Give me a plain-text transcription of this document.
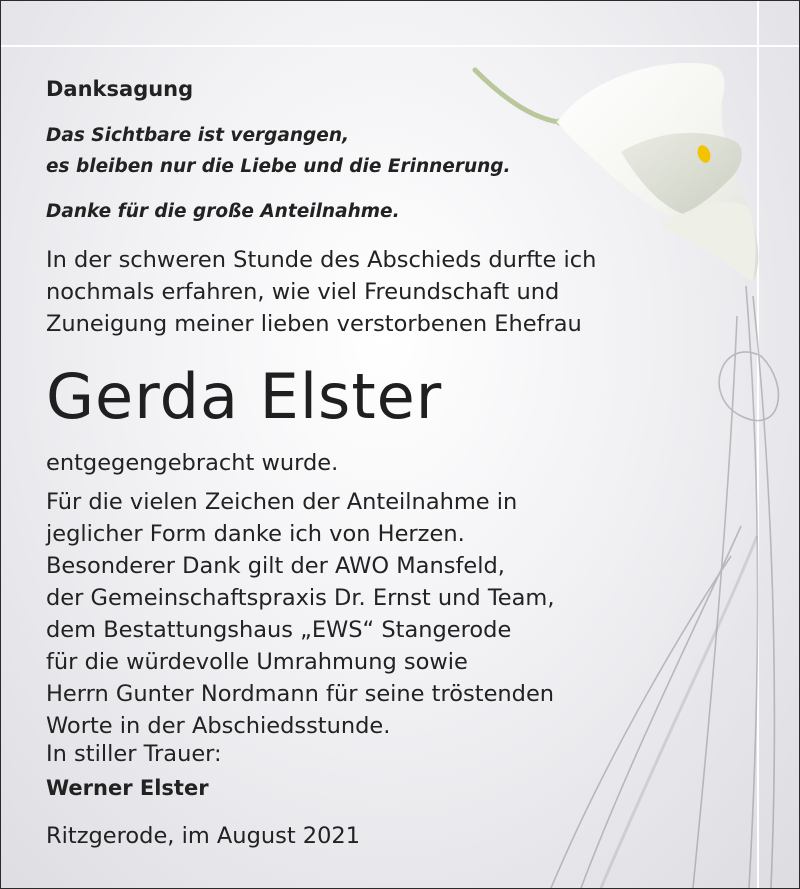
Danksagung
Das Sichtbare ist vergangen,
es bleiben nur die Liebe und die Erinnerung.
Danke für die große Anteilnahme.
In der schweren Stunde des Abschieds durfte ich
nochmals erfahren, wie viel Freundschaft und
Zuneigung meiner lieben verstorbenen Ehefrau
Gerda Elster
entgegengebracht wurde.
Für die vielen Zeichen der Anteilnahme in
jeglicher Form danke ich von Herzen.
Besonderer Dank gilt der AWO Mansfeld,
der Gemeinschaftspraxis Dr. Ernst und Team,
dem Bestattungshaus „EWS“ Stangerode
für die würdevolle Umrahmung sowie
Herrn Gunter Nordmann für seine tröstenden
Worte in der Abschiedsstunde.
In stiller Trauer:
Werner Elster
Ritzgerode, im August 2021
